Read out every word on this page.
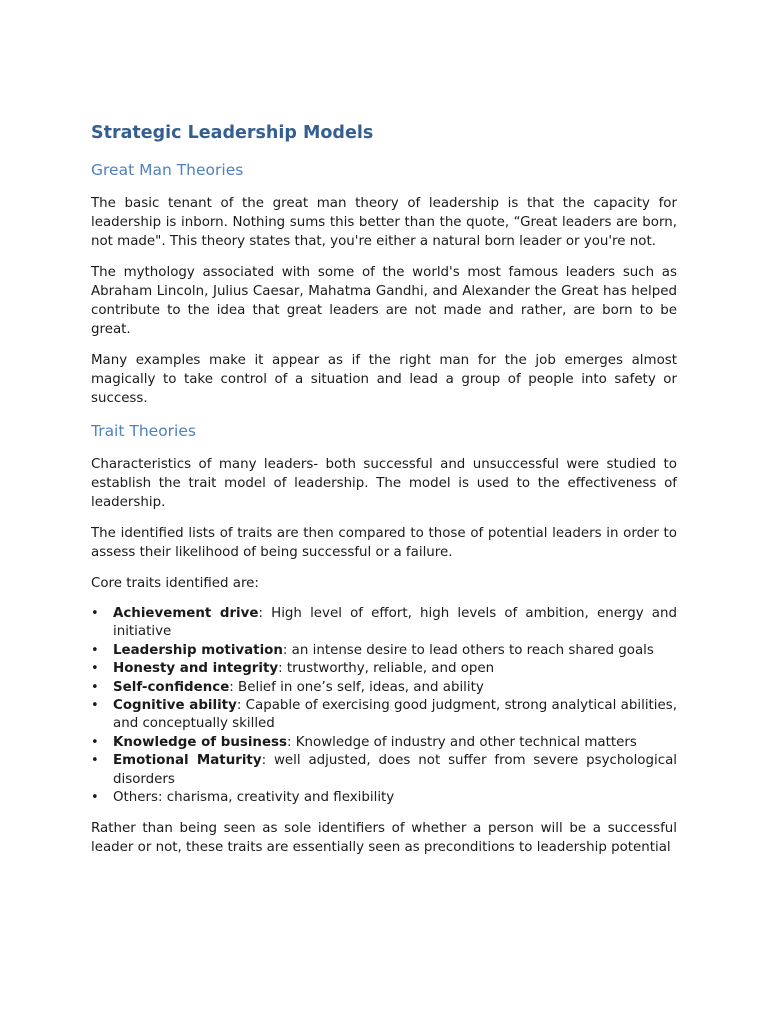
Strategic Leadership Models
Great Man Theories

The basic tenant of the great man theory of leadership is that the capacity for leadership is inborn. Nothing sums this better than the quote, “Great leaders are born, not made". This theory states that, you're either a natural born leader or you're not.

The mythology associated with some of the world's most famous leaders such as Abraham Lincoln, Julius Caesar, Mahatma Gandhi, and Alexander the Great has helped contribute to the idea that great leaders are not made and rather, are born to be great.

Many examples make it appear as if the right man for the job emerges almost magically to take control of a situation and lead a group of people into safety or success.

Trait Theories

Characteristics of many leaders- both successful and unsuccessful were studied to establish the trait model of leadership. The model is used to the effectiveness of leadership.

The identified lists of traits are then compared to those of potential leaders in order to assess their likelihood of being successful or a failure.

Core traits identified are:

• Achievement drive: High level of effort, high levels of ambition, energy and initiative
• Leadership motivation: an intense desire to lead others to reach shared goals
• Honesty and integrity: trustworthy, reliable, and open
• Self-confidence: Belief in one’s self, ideas, and ability
• Cognitive ability: Capable of exercising good judgment, strong analytical abilities, and conceptually skilled
• Knowledge of business: Knowledge of industry and other technical matters
• Emotional Maturity: well adjusted, does not suffer from severe psychological disorders
• Others: charisma, creativity and flexibility

Rather than being seen as sole identifiers of whether a person will be a successful leader or not, these traits are essentially seen as preconditions to leadership potential
